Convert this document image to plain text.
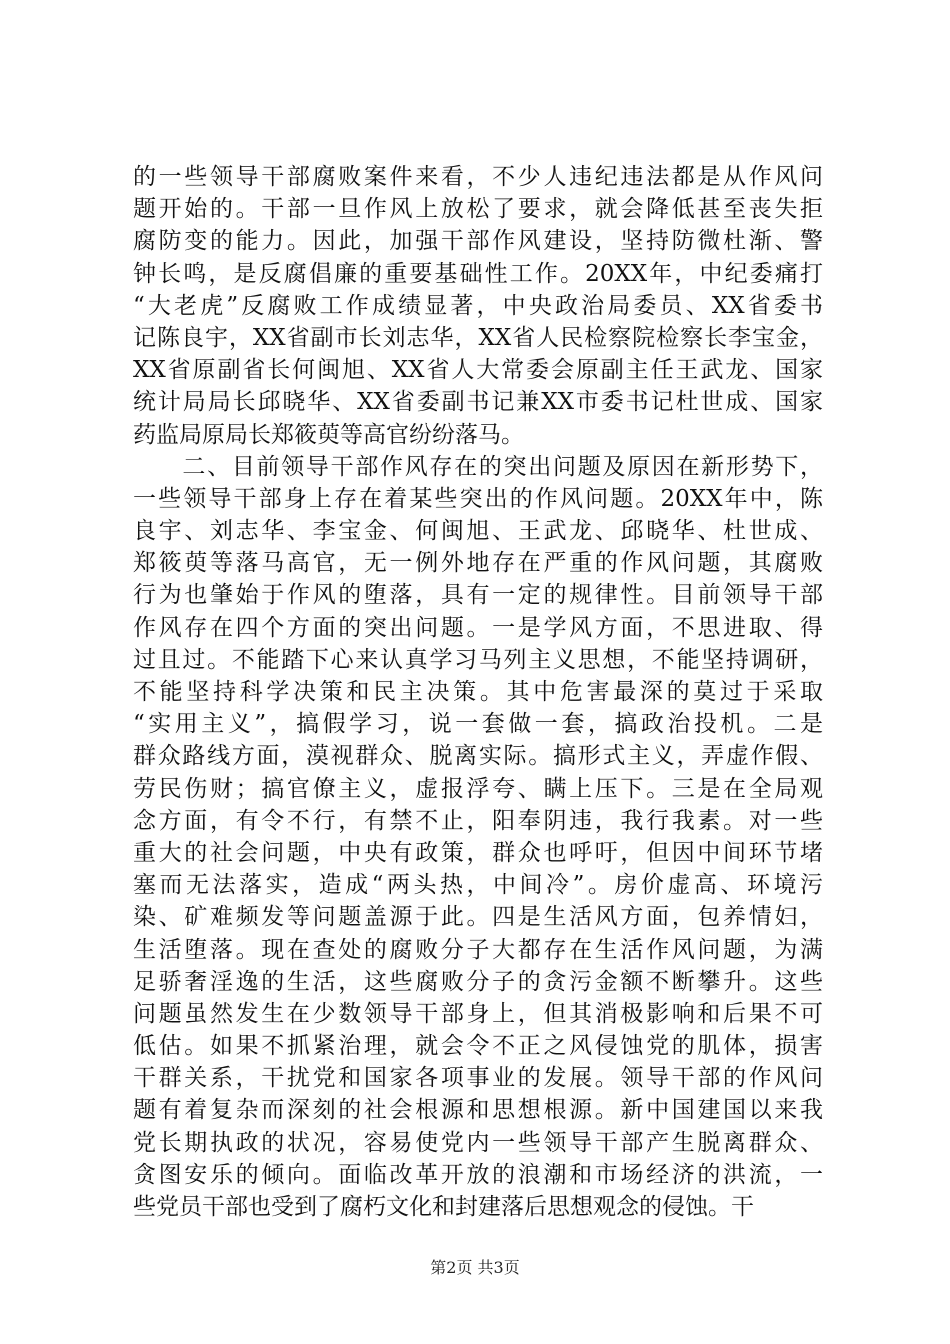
的一些领导干部腐败案件来看，不少人违纪违法都是从作风问
题开始的。干部一旦作风上放松了要求，就会降低甚至丧失拒
腐防变的能力。因此，加强干部作风建设，坚持防微杜渐、警
钟长鸣，是反腐倡廉的重要基础性工作。20XX年，中纪委痛打
“大老虎”反腐败工作成绩显著，中央政治局委员、XX省委书
记陈良宇，XX省副市长刘志华，XX省人民检察院检察长李宝金，
XX省原副省长何闽旭、XX省人大常委会原副主任王武龙、国家
统计局局长邱晓华、XX省委副书记兼XX市委书记杜世成、国家
药监局原局长郑筱萸等高官纷纷落马。
　　二、目前领导干部作风存在的突出问题及原因在新形势下，
一些领导干部身上存在着某些突出的作风问题。20XX年中，陈
良宇、刘志华、李宝金、何闽旭、王武龙、邱晓华、杜世成、
郑筱萸等落马高官，无一例外地存在严重的作风问题，其腐败
行为也肇始于作风的堕落，具有一定的规律性。目前领导干部
作风存在四个方面的突出问题。一是学风方面，不思进取、得
过且过。不能踏下心来认真学习马列主义思想，不能坚持调研，
不能坚持科学决策和民主决策。其中危害最深的莫过于采取
“实用主义”，搞假学习，说一套做一套，搞政治投机。二是
群众路线方面，漠视群众、脱离实际。搞形式主义，弄虚作假、
劳民伤财；搞官僚主义，虚报浮夸、瞒上压下。三是在全局观
念方面，有令不行，有禁不止，阳奉阴违，我行我素。对一些
重大的社会问题，中央有政策，群众也呼吁，但因中间环节堵
塞而无法落实，造成“两头热，中间冷”。房价虚高、环境污
染、矿难频发等问题盖源于此。四是生活风方面，包养情妇，
生活堕落。现在查处的腐败分子大都存在生活作风问题，为满
足骄奢淫逸的生活，这些腐败分子的贪污金额不断攀升。这些
问题虽然发生在少数领导干部身上，但其消极影响和后果不可
低估。如果不抓紧治理，就会令不正之风侵蚀党的肌体，损害
干群关系，干扰党和国家各项事业的发展。领导干部的作风问
题有着复杂而深刻的社会根源和思想根源。新中国建国以来我
党长期执政的状况，容易使党内一些领导干部产生脱离群众、
贪图安乐的倾向。面临改革开放的浪潮和市场经济的洪流，一
些党员干部也受到了腐朽文化和封建落后思想观念的侵蚀。干
第2页 共3页
